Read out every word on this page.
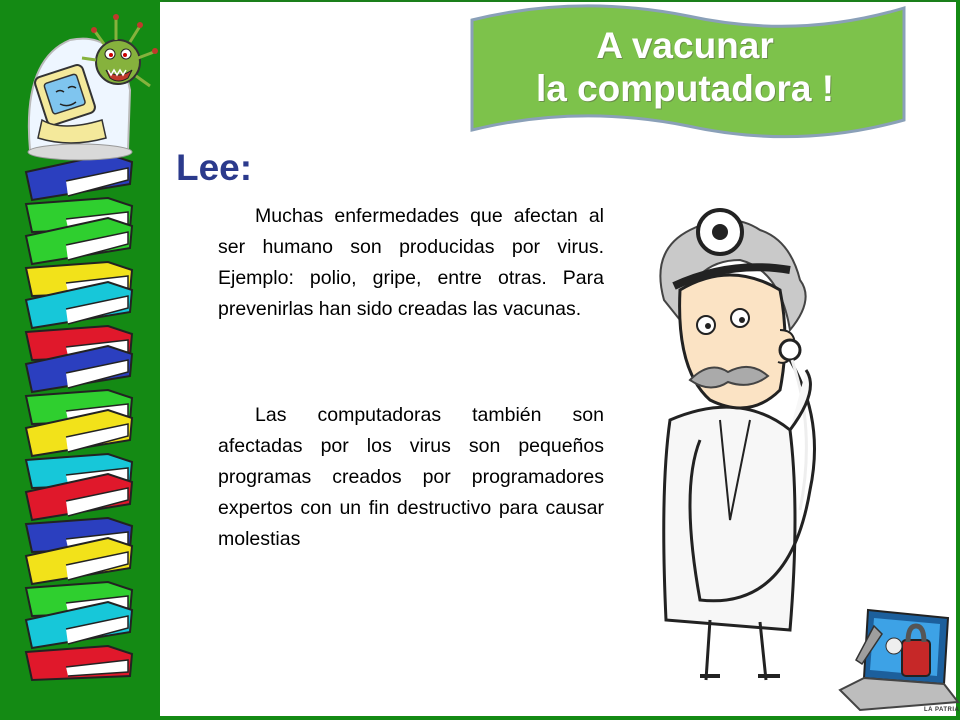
A vacunar
la computadora !
Lee:

Muchas enfermedades que afectan al ser humano son producidas por virus. Ejemplo: polio, gripe, entre otras. Para prevenirlas han sido creadas las vacunas.

Las computadoras también son afectadas por los virus son pequeños programas creados por programadores expertos con un fin destructivo para causar molestias

LA PATRIA
